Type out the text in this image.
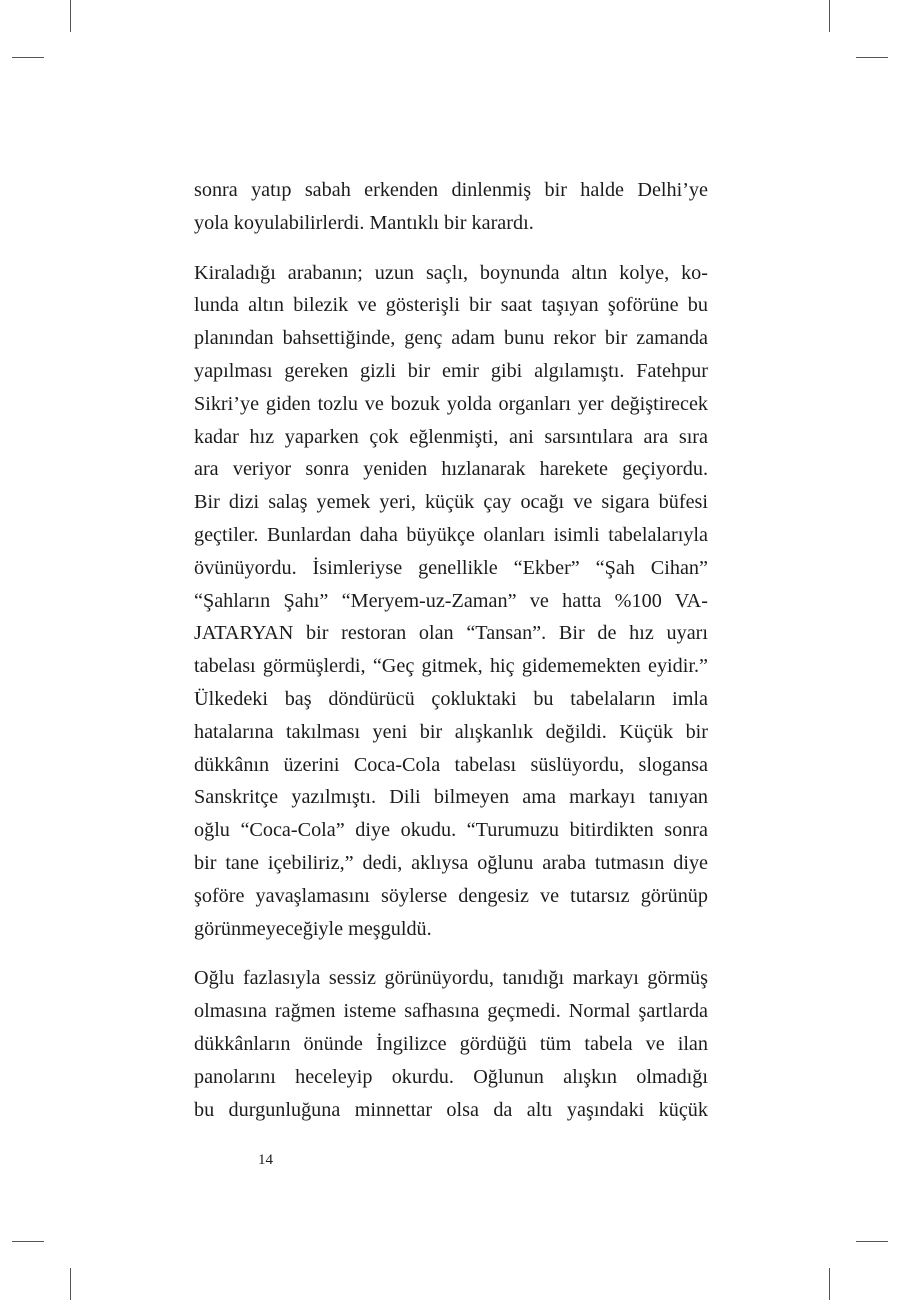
sonra yatıp sabah erkenden dinlenmiş bir halde Delhi’ye
yola koyulabilirlerdi. Mantıklı bir karardı.

Kiraladığı arabanın; uzun saçlı, boynunda altın kolye, ko-
lunda altın bilezik ve gösterişli bir saat taşıyan şoförüne bu
planından bahsettiğinde, genç adam bunu rekor bir zamanda
yapılması gereken gizli bir emir gibi algılamıştı. Fatehpur
Sikri’ye giden tozlu ve bozuk yolda organları yer değiştirecek
kadar hız yaparken çok eğlenmişti, ani sarsıntılara ara sıra
ara veriyor sonra yeniden hızlanarak harekete geçiyordu.
Bir dizi salaş yemek yeri, küçük çay ocağı ve sigara büfesi
geçtiler. Bunlardan daha büyükçe olanları isimli tabelalarıyla
övünüyordu. İsimleriyse genellikle “Ekber” “Şah Cihan”
“Şahların Şahı” “Meryem-uz-Zaman” ve hatta %100 VA-
JATARYAN bir restoran olan “Tansan”. Bir de hız uyarı
tabelası görmüşlerdi, “Geç gitmek, hiç gidememekten eyidir.”
Ülkedeki baş döndürücü çokluktaki bu tabelaların imla
hatalarına takılması yeni bir alışkanlık değildi. Küçük bir
dükkânın üzerini Coca-Cola tabelası süslüyordu, slogansa
Sanskritçe yazılmıştı. Dili bilmeyen ama markayı tanıyan
oğlu “Coca-Cola” diye okudu. “Turumuzu bitirdikten sonra
bir tane içebiliriz,” dedi, aklıysa oğlunu araba tutmasın diye
şoföre yavaşlamasını söylerse dengesiz ve tutarsız görünüp
görünmeyeceğiyle meşguldü.

Oğlu fazlasıyla sessiz görünüyordu, tanıdığı markayı görmüş
olmasına rağmen isteme safhasına geçmedi. Normal şartlarda
dükkânların önünde İngilizce gördüğü tüm tabela ve ilan
panolarını heceleyip okurdu. Oğlunun alışkın olmadığı
bu durgunluğuna minnettar olsa da altı yaşındaki küçük

14
